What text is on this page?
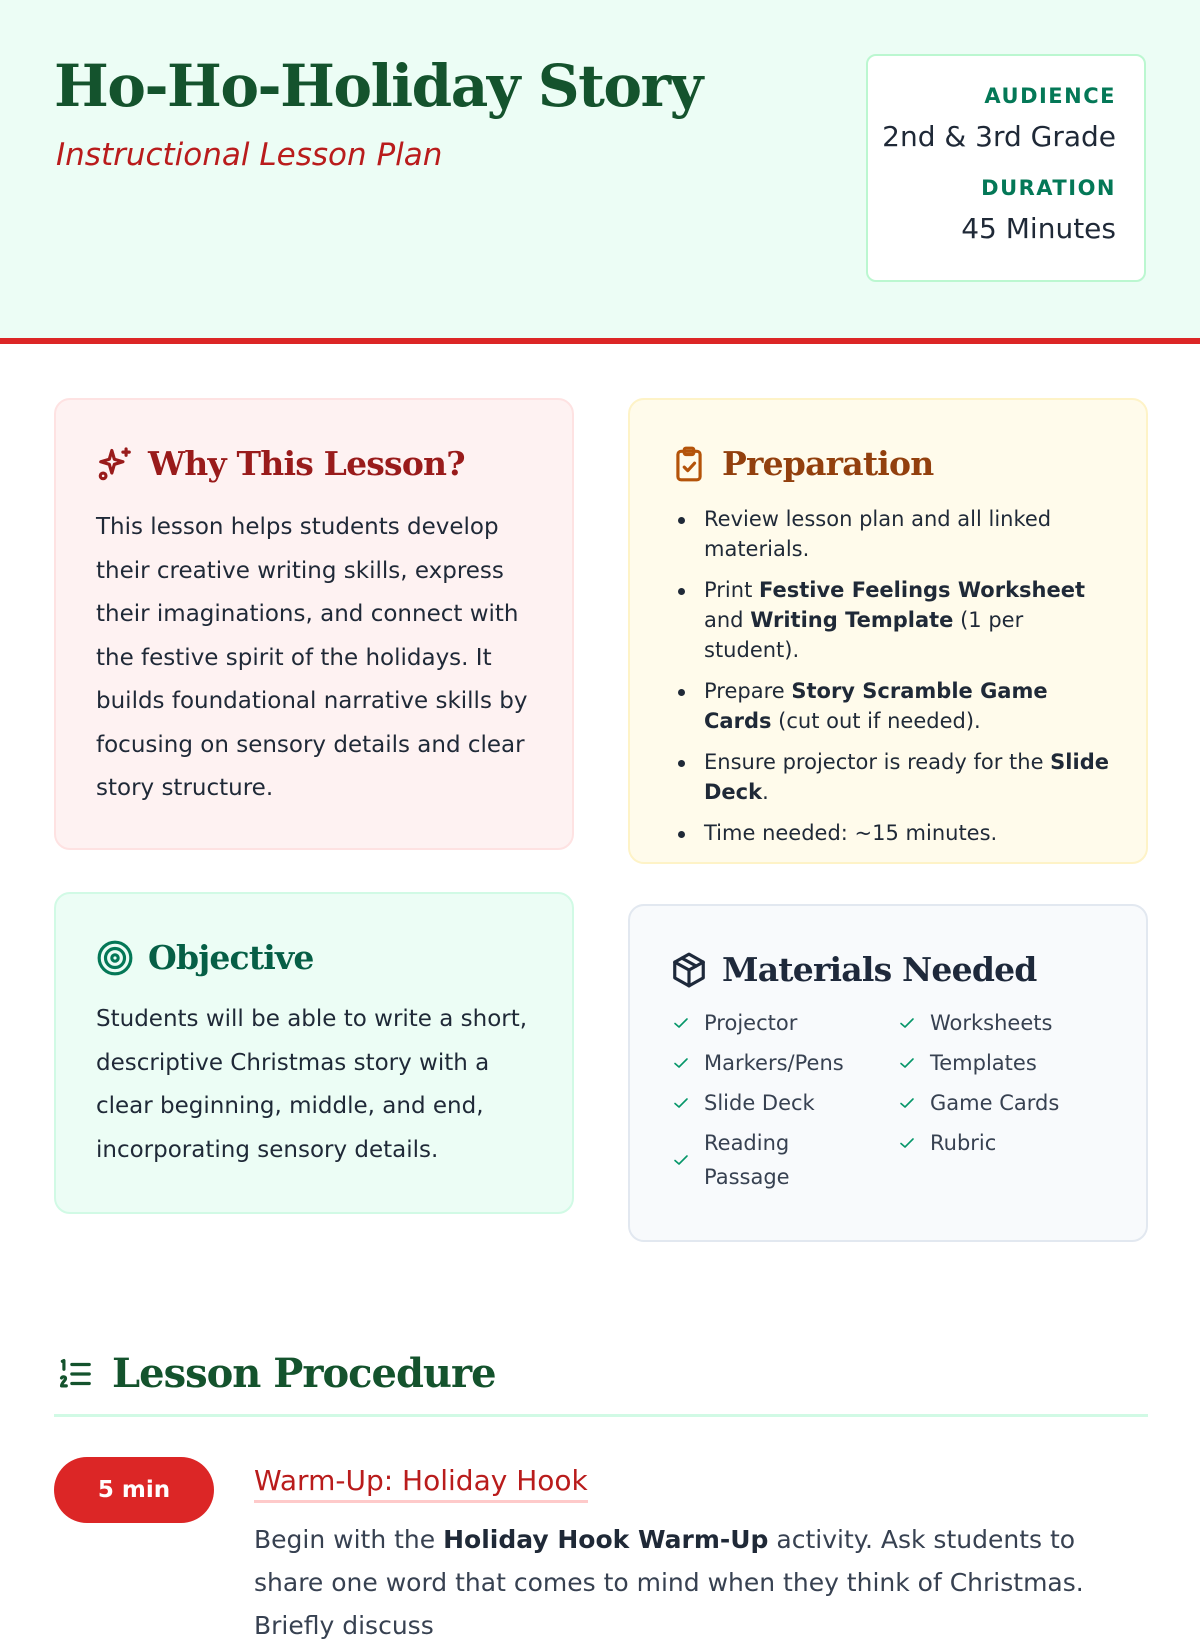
Ho-Ho-Holiday Story
Instructional Lesson Plan
AUDIENCE
2nd & 3rd Grade
DURATION
45 Minutes
Why This Lesson?

This lesson helps students develop their creative writing skills, express their imaginations, and connect with the festive spirit of the holidays. It builds foundational narrative skills by focusing on sensory details and clear story structure.

Preparation
Review lesson plan and all linked materials.
Print Festive Feelings Worksheet and Writing Template (1 per student).
Prepare Story Scramble Game Cards (cut out if needed).
Ensure projector is ready for the Slide Deck.
Time needed: ~15 minutes.
Objective

Students will be able to write a short, descriptive Christmas story with a clear beginning, middle, and end, incorporating sensory details.

Materials Needed
Projector
Markers/Pens
Slide Deck
Reading Passage
Worksheets
Templates
Game Cards
Rubric
Lesson Procedure
5 min	Warm-Up: Holiday Hook

Begin with the Holiday Hook Warm-Up activity. Ask students to share one word that comes to mind when they think of Christmas. Briefly discuss
